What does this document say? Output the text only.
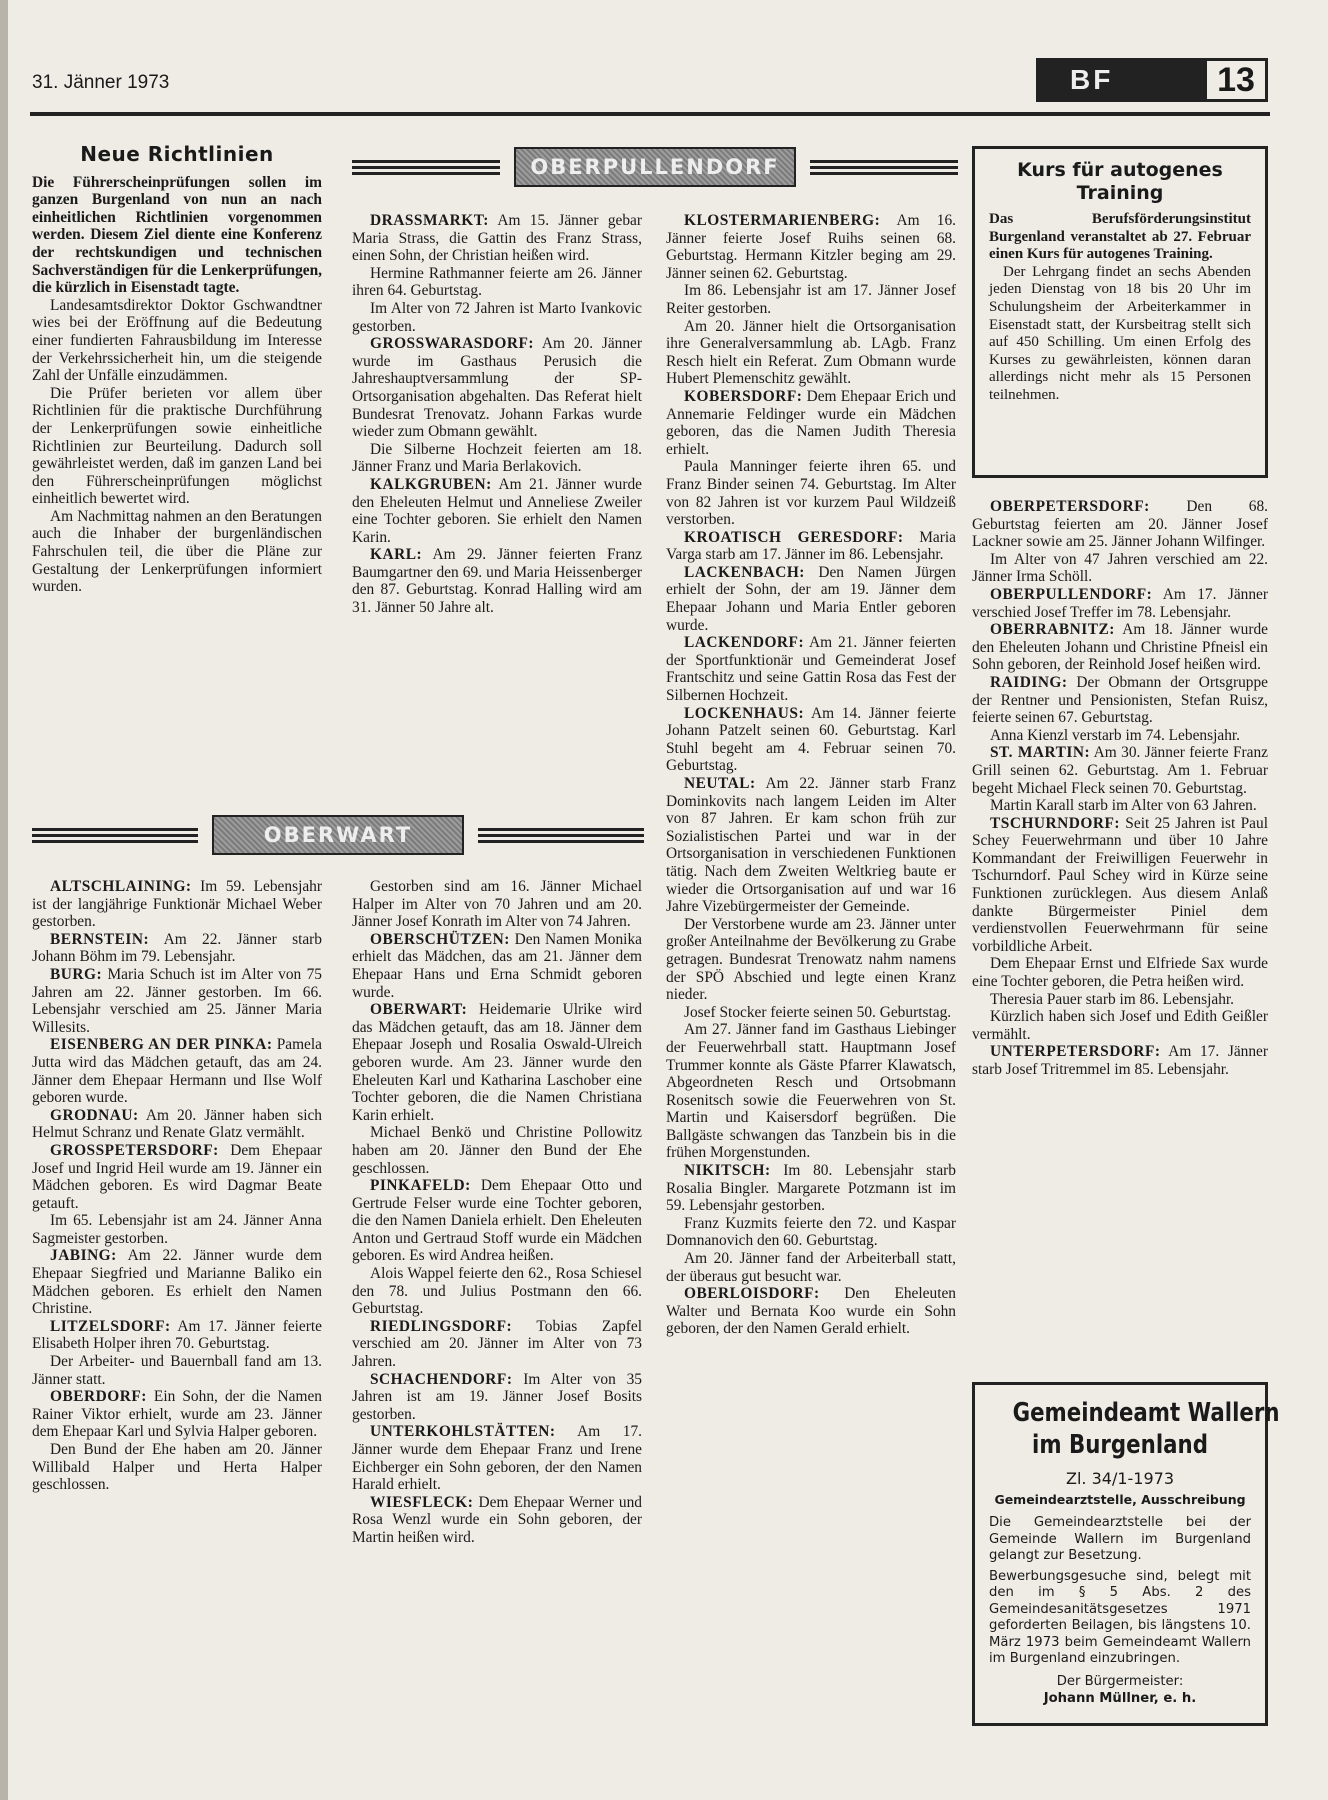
31. Jänner 1973	BF	13
Neue Richtlinien

Die Führerscheinprüfungen sollen im ganzen Burgenland von nun an nach einheitlichen Richtlinien vorgenommen werden. Diesem Ziel diente eine Konferenz der rechtskundigen und technischen Sachverständigen für die Lenkerprüfungen, die kürzlich in Eisenstadt tagte.

Landesamtsdirektor Doktor Gschwandtner wies bei der Eröffnung auf die Bedeutung einer fundierten Fahrausbildung im Interesse der Verkehrssicherheit hin, um die steigende Zahl der Unfälle einzudämmen.

Die Prüfer berieten vor allem über Richtlinien für die praktische Durchführung der Lenkerprüfungen sowie einheitliche Richtlinien zur Beurteilung. Dadurch soll gewährleistet werden, daß im ganzen Land bei den Führerscheinprüfungen möglichst einheitlich bewertet wird.

Am Nachmittag nahmen an den Beratungen auch die Inhaber der burgenländischen Fahrschulen teil, die über die Pläne zur Gestaltung der Lenkerprüfungen informiert wurden.

OBERPULLENDORF

DRASSMARKT: Am 15. Jänner gebar Maria Strass, die Gattin des Franz Strass, einen Sohn, der Christian heißen wird.

Hermine Rathmanner feierte am 26. Jänner ihren 64. Geburtstag.

Im Alter von 72 Jahren ist Marto Ivankovic gestorben.

GROSSWARASDORF: Am 20. Jänner wurde im Gasthaus Perusich die Jahreshauptversammlung der SP-Ortsorganisation abgehalten. Das Referat hielt Bundesrat Trenovatz. Johann Farkas wurde wieder zum Obmann gewählt.

Die Silberne Hochzeit feierten am 18. Jänner Franz und Maria Berlakovich.

KALKGRUBEN: Am 21. Jänner wurde den Eheleuten Helmut und Anneliese Zweiler eine Tochter geboren. Sie erhielt den Namen Karin.

KARL: Am 29. Jänner feierten Franz Baumgartner den 69. und Maria Heissenberger den 87. Geburtstag. Konrad Halling wird am 31. Jänner 50 Jahre alt.

KLOSTERMARIENBERG: Am 16. Jänner feierte Josef Ruihs seinen 68. Geburtstag. Hermann Kitzler beging am 29. Jänner seinen 62. Geburtstag.

Im 86. Lebensjahr ist am 17. Jänner Josef Reiter gestorben.

Am 20. Jänner hielt die Ortsorganisation ihre Generalversammlung ab. LAgb. Franz Resch hielt ein Referat. Zum Obmann wurde Hubert Plemenschitz gewählt.

KOBERSDORF: Dem Ehepaar Erich und Annemarie Feldinger wurde ein Mädchen geboren, das die Namen Judith Theresia erhielt.

Paula Manninger feierte ihren 65. und Franz Binder seinen 74. Geburtstag. Im Alter von 82 Jahren ist vor kurzem Paul Wildzeiß verstorben.

KROATISCH GERESDORF: Maria Varga starb am 17. Jänner im 86. Lebensjahr.

LACKENBACH: Den Namen Jürgen erhielt der Sohn, der am 19. Jänner dem Ehepaar Johann und Maria Entler geboren wurde.

LACKENDORF: Am 21. Jänner feierten der Sportfunktionär und Gemeinderat Josef Frantschitz und seine Gattin Rosa das Fest der Silbernen Hochzeit.

LOCKENHAUS: Am 14. Jänner feierte Johann Patzelt seinen 60. Geburtstag. Karl Stuhl begeht am 4. Februar seinen 70. Geburtstag.

NEUTAL: Am 22. Jänner starb Franz Dominkovits nach langem Leiden im Alter von 87 Jahren. Er kam schon früh zur Sozialistischen Partei und war in der Ortsorganisation in verschiedenen Funktionen tätig. Nach dem Zweiten Weltkrieg baute er wieder die Ortsorganisation auf und war 16 Jahre Vizebürgermeister der Gemeinde.

Der Verstorbene wurde am 23. Jänner unter großer Anteilnahme der Bevölkerung zu Grabe getragen. Bundesrat Trenowatz nahm namens der SPÖ Abschied und legte einen Kranz nieder.

Josef Stocker feierte seinen 50. Geburtstag.

Am 27. Jänner fand im Gasthaus Liebinger der Feuerwehrball statt. Hauptmann Josef Trummer konnte als Gäste Pfarrer Klawatsch, Abgeordneten Resch und Ortsobmann Rosenitsch sowie die Feuerwehren von St. Martin und Kaisersdorf begrüßen. Die Ballgäste schwangen das Tanzbein bis in die frühen Morgenstunden.

NIKITSCH: Im 80. Lebensjahr starb Rosalia Bingler. Margarete Potzmann ist im 59. Lebensjahr gestorben.

Franz Kuzmits feierte den 72. und Kaspar Domnanovich den 60. Geburtstag.

Am 20. Jänner fand der Arbeiterball statt, der überaus gut besucht war.

OBERLOISDORF: Den Eheleuten Walter und Bernata Koo wurde ein Sohn geboren, der den Namen Gerald erhielt.

OBERPETERSDORF: Den 68. Geburtstag feierten am 20. Jänner Josef Lackner sowie am 25. Jänner Johann Wilfinger.

Im Alter von 47 Jahren verschied am 22. Jänner Irma Schöll.

OBERPULLENDORF: Am 17. Jänner verschied Josef Treffer im 78. Lebensjahr.

OBERRABNITZ: Am 18. Jänner wurde den Eheleuten Johann und Christine Pfneisl ein Sohn geboren, der Reinhold Josef heißen wird.

RAIDING: Der Obmann der Ortsgruppe der Rentner und Pensionisten, Stefan Ruisz, feierte seinen 67. Geburtstag.

Anna Kienzl verstarb im 74. Lebensjahr.

ST. MARTIN: Am 30. Jänner feierte Franz Grill seinen 62. Geburtstag. Am 1. Februar begeht Michael Fleck seinen 70. Geburtstag.

Martin Karall starb im Alter von 63 Jahren.

TSCHURNDORF: Seit 25 Jahren ist Paul Schey Feuerwehrmann und über 10 Jahre Kommandant der Freiwilligen Feuerwehr in Tschurndorf. Paul Schey wird in Kürze seine Funktionen zurücklegen. Aus diesem Anlaß dankte Bürgermeister Piniel dem verdienstvollen Feuerwehrmann für seine vorbildliche Arbeit.

Dem Ehepaar Ernst und Elfriede Sax wurde eine Tochter geboren, die Petra heißen wird.

Theresia Pauer starb im 86. Lebensjahr.

Kürzlich haben sich Josef und Edith Geißler vermählt.

UNTERPETERSDORF: Am 17. Jänner starb Josef Tritremmel im 85. Lebensjahr.

OBERWART

ALTSCHLAINING: Im 59. Lebensjahr ist der langjährige Funktionär Michael Weber gestorben.

BERNSTEIN: Am 22. Jänner starb Johann Böhm im 79. Lebensjahr.

BURG: Maria Schuch ist im Alter von 75 Jahren am 22. Jänner gestorben. Im 66. Lebensjahr verschied am 25. Jänner Maria Willesits.

EISENBERG AN DER PINKA: Pamela Jutta wird das Mädchen getauft, das am 24. Jänner dem Ehepaar Hermann und Ilse Wolf geboren wurde.

GRODNAU: Am 20. Jänner haben sich Helmut Schranz und Renate Glatz vermählt.

GROSSPETERSDORF: Dem Ehepaar Josef und Ingrid Heil wurde am 19. Jänner ein Mädchen geboren. Es wird Dagmar Beate getauft.

Im 65. Lebensjahr ist am 24. Jänner Anna Sagmeister gestorben.

JABING: Am 22. Jänner wurde dem Ehepaar Siegfried und Marianne Baliko ein Mädchen geboren. Es erhielt den Namen Christine.

LITZELSDORF: Am 17. Jänner feierte Elisabeth Holper ihren 70. Geburtstag.

Der Arbeiter- und Bauernball fand am 13. Jänner statt.

OBERDORF: Ein Sohn, der die Namen Rainer Viktor erhielt, wurde am 23. Jänner dem Ehepaar Karl und Sylvia Halper geboren.

Den Bund der Ehe haben am 20. Jänner Willibald Halper und Herta Halper geschlossen.

Gestorben sind am 16. Jänner Michael Halper im Alter von 70 Jahren und am 20. Jänner Josef Konrath im Alter von 74 Jahren.

OBERSCHÜTZEN: Den Namen Monika erhielt das Mädchen, das am 21. Jänner dem Ehepaar Hans und Erna Schmidt geboren wurde.

OBERWART: Heidemarie Ulrike wird das Mädchen getauft, das am 18. Jänner dem Ehepaar Joseph und Rosalia Oswald-Ulreich geboren wurde. Am 23. Jänner wurde den Eheleuten Karl und Katharina Laschober eine Tochter geboren, die die Namen Christiana Karin erhielt.

Michael Benkö und Christine Pollowitz haben am 20. Jänner den Bund der Ehe geschlossen.

PINKAFELD: Dem Ehepaar Otto und Gertrude Felser wurde eine Tochter geboren, die den Namen Daniela erhielt. Den Eheleuten Anton und Gertraud Stoff wurde ein Mädchen geboren. Es wird Andrea heißen.

Alois Wappel feierte den 62., Rosa Schiesel den 78. und Julius Postmann den 66. Geburtstag.

RIEDLINGSDORF: Tobias Zapfel verschied am 20. Jänner im Alter von 73 Jahren.

SCHACHENDORF: Im Alter von 35 Jahren ist am 19. Jänner Josef Bosits gestorben.

UNTERKOHLSTÄTTEN: Am 17. Jänner wurde dem Ehepaar Franz und Irene Eichberger ein Sohn geboren, der den Namen Harald erhielt.

WIESFLECK: Dem Ehepaar Werner und Rosa Wenzl wurde ein Sohn geboren, der Martin heißen wird.

Kurs für autogenes Training

Das Berufsförderungsinstitut Burgenland veranstaltet ab 27. Februar einen Kurs für autogenes Training.

Der Lehrgang findet an sechs Abenden jeden Dienstag von 18 bis 20 Uhr im Schulungsheim der Arbeiterkammer in Eisenstadt statt, der Kursbeitrag stellt sich auf 450 Schilling. Um einen Erfolg des Kurses zu gewährleisten, können daran allerdings nicht mehr als 15 Personen teilnehmen.

Gemeindeamt Wallern
im Burgenland
Zl. 34/1-1973
Gemeindearztstelle, Ausschreibung

Die Gemeindearztstelle bei der Gemeinde Wallern im Burgenland gelangt zur Besetzung.

Bewerbungsgesuche sind, belegt mit den im § 5 Abs. 2 des Gemeindesanitätsgesetzes 1971 geforderten Beilagen, bis längstens 10. März 1973 beim Gemeindeamt Wallern im Burgenland einzubringen.

Der Bürgermeister:
Johann Müllner, e. h.
